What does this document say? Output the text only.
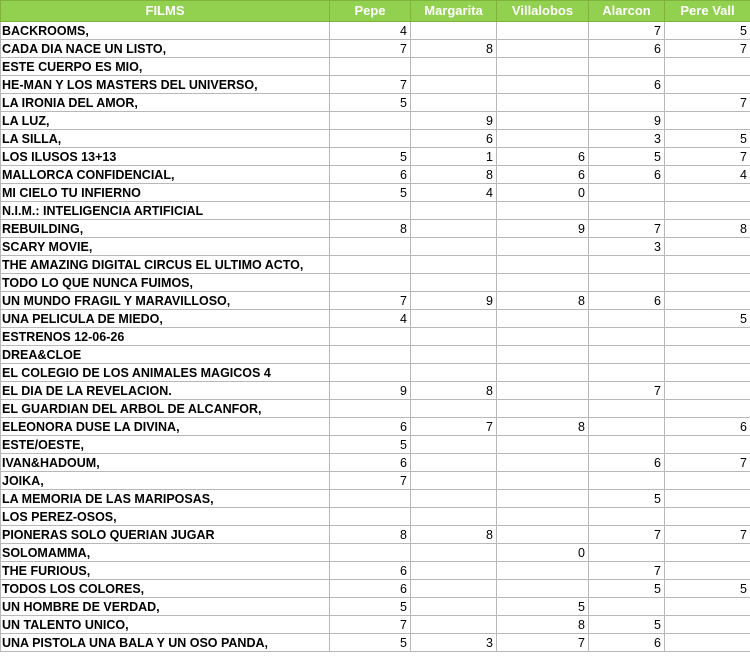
FILMS	Pepe	Margarita	Villalobos	Alarcon	Pere Vall
BACKROOMS,	4			7	5
CADA DIA NACE UN LISTO,	7	8		6	7
ESTE CUERPO ES MIO,					
HE-MAN Y LOS MASTERS DEL UNIVERSO,	7			6	
LA IRONIA DEL AMOR,	5				7
LA LUZ,		9		9	
LA SILLA,		6		3	5
LOS ILUSOS 13+13	5	1	6	5	7
MALLORCA CONFIDENCIAL,	6	8	6	6	4
MI CIELO TU INFIERNO	5	4	0		
N.I.M.: INTELIGENCIA ARTIFICIAL					
REBUILDING,	8		9	7	8
SCARY MOVIE,				3	
THE AMAZING DIGITAL CIRCUS EL ULTIMO ACTO,					
TODO LO QUE NUNCA FUIMOS,					
UN MUNDO FRAGIL Y MARAVILLOSO,	7	9	8	6	
UNA PELICULA DE MIEDO,	4				5
ESTRENOS 12-06-26					
DREA&CLOE					
EL COLEGIO DE LOS ANIMALES MAGICOS 4					
EL DIA DE LA REVELACION.	9	8		7	
EL GUARDIAN DEL ARBOL DE ALCANFOR,					
ELEONORA DUSE LA DIVINA,	6	7	8		6
ESTE/OESTE,	5				
IVAN&HADOUM,	6			6	7
JOIKA,	7				
LA MEMORIA DE LAS MARIPOSAS,				5	
LOS PEREZ-OSOS,					
PIONERAS SOLO QUERIAN JUGAR	8	8		7	7
SOLOMAMMA,			0		
THE FURIOUS,	6			7	
TODOS LOS COLORES,	6			5	5
UN HOMBRE DE VERDAD,	5		5		
UN TALENTO UNICO,	7		8	5	
UNA PISTOLA UNA BALA Y UN OSO PANDA,	5	3	7	6	
